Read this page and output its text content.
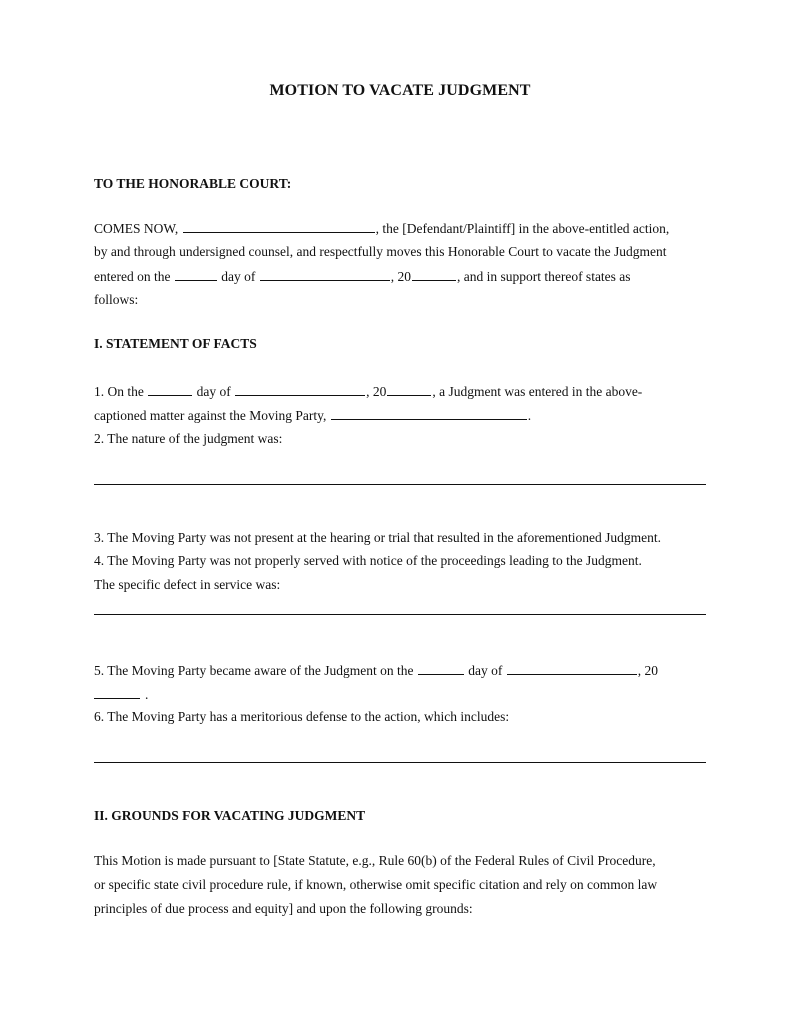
MOTION TO VACATE JUDGMENT
TO THE HONORABLE COURT:
COMES NOW,	, the [Defendant/Plaintiff] in the above-entitled action,
by and through undersigned counsel, and respectfully moves this Honorable Court to vacate the Judgment
entered on the	day of	, 20	, and in support thereof states as
follows:
I. STATEMENT OF FACTS
1. On the	day of	, 20	, a Judgment was entered in the above-
captioned matter against the Moving Party,	.
2. The nature of the judgment was:
3. The Moving Party was not present at the hearing or trial that resulted in the aforementioned Judgment.
4. The Moving Party was not properly served with notice of the proceedings leading to the Judgment.
The specific defect in service was:
5. The Moving Party became aware of the Judgment on the	day of	, 20
.
6. The Moving Party has a meritorious defense to the action, which includes:
II. GROUNDS FOR VACATING JUDGMENT
This Motion is made pursuant to [State Statute, e.g., Rule 60(b) of the Federal Rules of Civil Procedure,
or specific state civil procedure rule, if known, otherwise omit specific citation and rely on common law
principles of due process and equity] and upon the following grounds:
